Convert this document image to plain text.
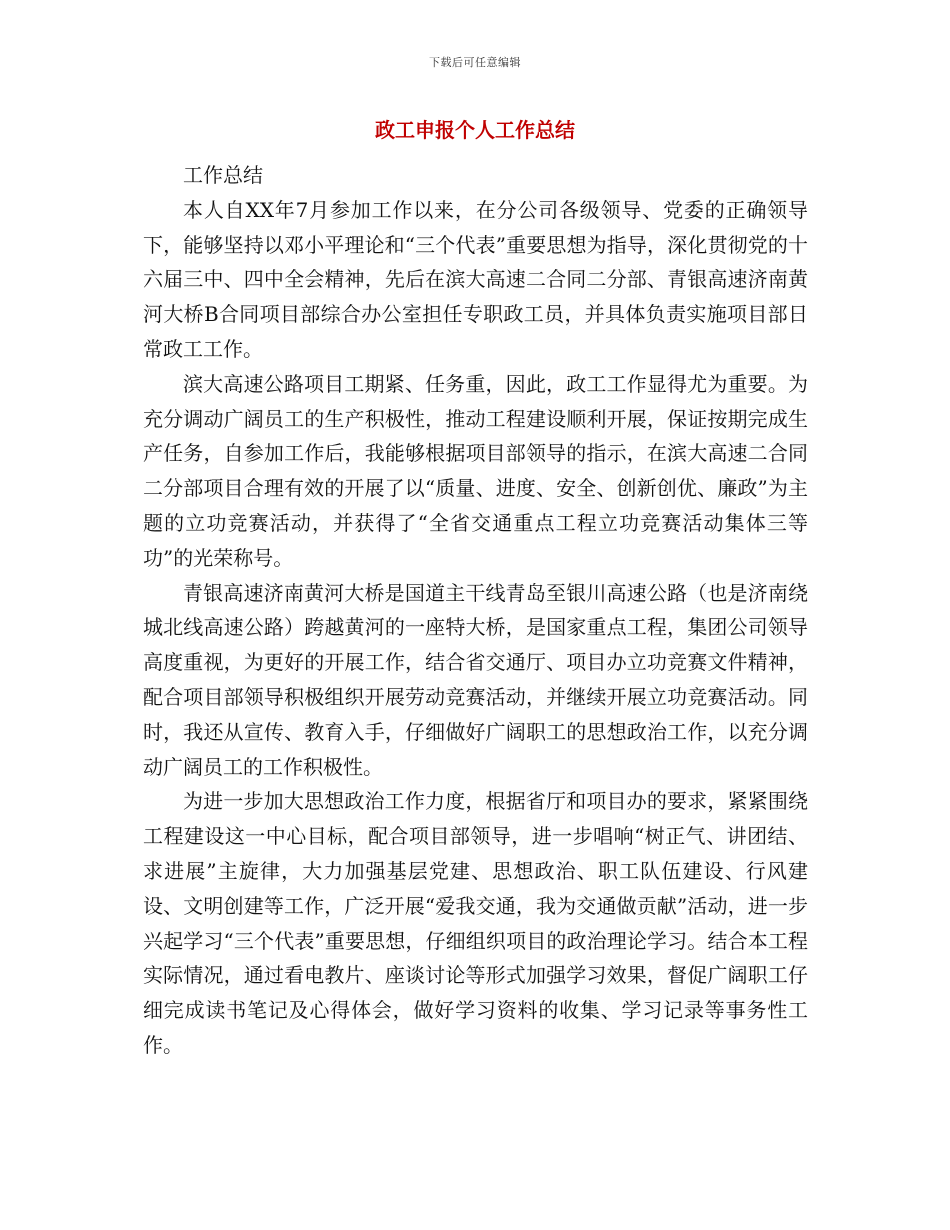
下载后可任意编辑
政工申报个人工作总结

工作总结

本人自XX年7月参加工作以来，在分公司各级领导、党委的正确领导下，能够坚持以邓小平理论和“三个代表”重要思想为指导，深化贯彻党的十六届三中、四中全会精神，先后在滨大高速二合同二分部、青银高速济南黄河大桥B合同项目部综合办公室担任专职政工员，并具体负责实施项目部日常政工工作。

滨大高速公路项目工期紧、任务重，因此，政工工作显得尤为重要。为充分调动广阔员工的生产积极性，推动工程建设顺利开展，保证按期完成生产任务，自参加工作后，我能够根据项目部领导的指示，在滨大高速二合同二分部项目合理有效的开展了以“质量、进度、安全、创新创优、廉政”为主题的立功竞赛活动，并获得了“全省交通重点工程立功竞赛活动集体三等功”的光荣称号。

青银高速济南黄河大桥是国道主干线青岛至银川高速公路（也是济南绕城北线高速公路）跨越黄河的一座特大桥，是国家重点工程，集团公司领导高度重视，为更好的开展工作，结合省交通厅、项目办立功竞赛文件精神，配合项目部领导积极组织开展劳动竞赛活动，并继续开展立功竞赛活动。同时，我还从宣传、教育入手，仔细做好广阔职工的思想政治工作，以充分调动广阔员工的工作积极性。

为进一步加大思想政治工作力度，根据省厅和项目办的要求，紧紧围绕工程建设这一中心目标，配合项目部领导，进一步唱响“树正气、讲团结、求进展”主旋律，大力加强基层党建、思想政治、职工队伍建设、行风建设、文明创建等工作，广泛开展“爱我交通，我为交通做贡献”活动，进一步兴起学习“三个代表”重要思想，仔细组织项目的政治理论学习。结合本工程实际情况，通过看电教片、座谈讨论等形式加强学习效果，督促广阔职工仔细完成读书笔记及心得体会，做好学习资料的收集、学习记录等事务性工作。
